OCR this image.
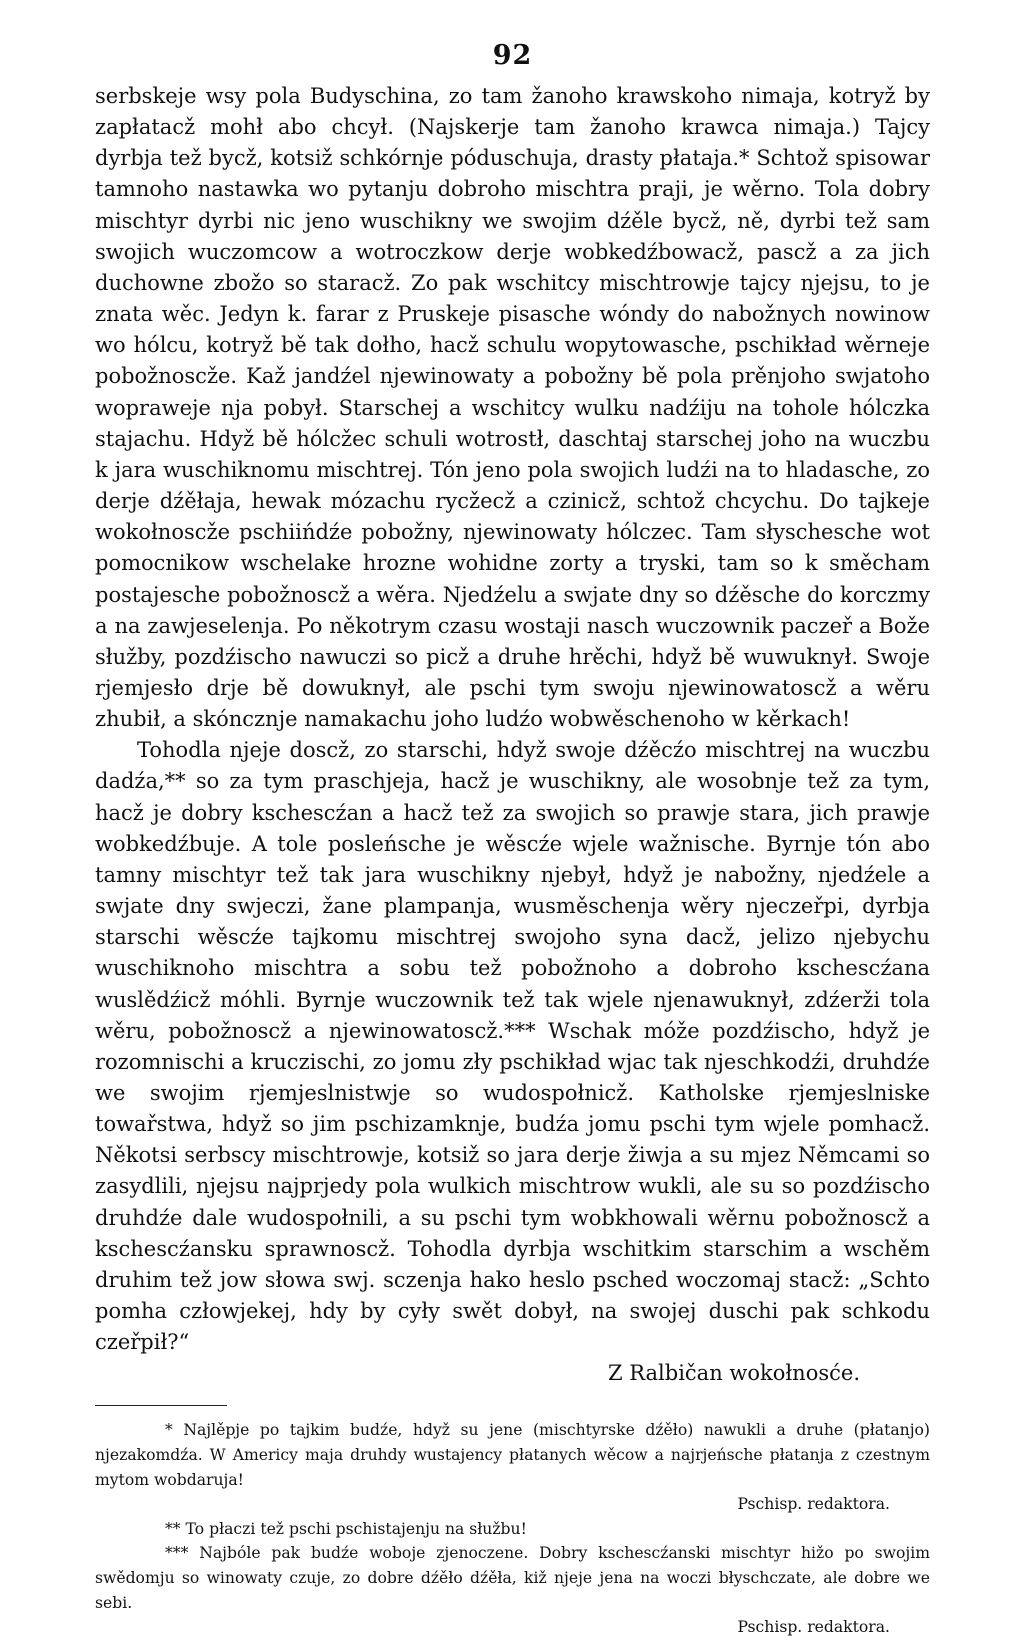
92

serbskeje wsy pola Budyschina, zo tam žanoho krawskoho nimaja, kotryž by zapłatacž mohł abo chcył. (Najskerje tam žanoho krawca nimaja.) Tajcy dyrbja tež bycž, kotsiž schkórnje pódusch​uja, drasty płataja.* Schtož spisowar tamnoho nastawka wo pytanju dobroho mischtra praji, je wěrno. Tola dobry mischtyr dyrbi nic jeno wuschikny we swojim dźěle bycž, ně, dyrbi tež sam swojich wuczomcow a wotroczkow derje wobkedźbowacž, pascž a za jich duchowne zbožo so staracž. Zo pak wschitcy mischtrowje tajcy njejsu, to je znata wěc. Jedyn k. farar z Pruskeje pisasche wóndy do nabožnych nowinow wo hólcu, kotryž bě tak dołho, hacž schulu wopytowasche, pschikład wěrneje pobožnoscže. Kaž jandźel njewinowaty a pobožny bě pola prěnjoho swjatoho wopraweje nja pobył. Starschej a wschitcy wulku nadźiju na toh​ole hólczka stajachu. Hdyž bě hólcžec schuli wotrostł, daschtaj starschej joho na wuczbu k jara wuschikno​mu mischtrej. Tón jeno pola swojich ludźi na to hladasche, zo derje dźěłaja, hewak mózachu rycžecž a czinicž, schtož chcychu. Do tajkeje wokołnoscže pschiińdźe pobožny, njewinowaty hólczec. Tam słyschesche wot pomocnikow wschelake hrozne wohidne zorty a tryski, tam so k směcham postajesche pobožnoscž a wěra. Njedźelu a swjate dny so dźěsche do korczmy a na zawjeselenja. Po někotrym czasu wostaji nasch wuczownik paczeř a Bože słužby, pozdźischo nawuczi so picž a druhe hrěchi, hdyž bě wuwuknył. Swoje rjemjesło drje bě dowuknył, ale pschi tym swoju njewinowatoscž a wěru zhubił, a skónczn​je namakachu joho ludźo wobwěsche​noho w kěrkach!

Tohodla njeje doscž, zo starschi, hdyž swoje dźěcźo mischtrej na wuczbu dadźa,** so za tym praschjeja, hacž je wuschikny, ale wosobnje tež za tym, hacž je dobry kschescźan a hacž tež za swojich so prawje stara, jich prawje wobkedźbuje. A tole posleńsche je wěscźe wjele wažnische. Byrnje tón abo tamny mischtyr tež tak jara wuschikny njebył, hdyž je nabožny, njedźele a swjate dny swjeczi, žane plampanja, wusměschenja wěry njeczeřpi, dyrbja starschi wěscźe tajkomu mischtrej swojoho syna dacž, jelizo njebychu wuschikno​ho mischtra a sobu tež pobožnoho a dobroho kschescźana wuslědźicž móhli. Byrnje wuczownik tež tak wjele njenawuknył, zdźerži tola wěru, pobožnoscž a njewinowatoscž.*** Wschak móže pozdźischo, hdyž je rozomnischi a kruczischi, zo jomu zły pschikład wjac tak njeschkodźi, druhdźe we swojim rjemjeslnistwje so wudospołnicž. Katholske rjemjeslniske towařstwa, hdyž so jim pschizamknje, budźa jomu pschi tym wjele pomhacž. Někotsi serbscy mischtrowje, kotsiž so jara derje žiwja a su mjez Němcami so zasydlili, njejsu najprjedy pola wulkich mischtrow wukli, ale su so pozdźischo druhdźe dale wudospołnili, a su pschi tym wobkhowali wěrnu pobožnoscž a kschescźansku sprawnoscž. Tohodla dyrbja wschitkim starschim a wschěm druhim tež jow słowa swj. sczenja hako heslo psched woczomaj stacž: „Schto pomha człowjekej, hdy by cyły swět dobył, na swojej duschi pak schkodu czeřpił?“

Z Ralbičan wokołnosće.

* Najlěpje po tajkim budźe, hdyž su jene (mischtyrske dźěło) nawukli a druhe (płatanjo) njezakomdźa. W Americy maja druhdy wustajency płatanych wěcow a najrjeńsche płatanja z czestnym mytom wobdaruja!
Pschisp. redaktora.

** To płaczi tež pschi pschistajenju na słužbu!

*** Najbóle pak budźe woboje zjenoczene. Dobry kschescźanski mischtyr hižo po swojim swědomju so winowaty czuje, zo dobre dźěło dźěła, kiž njeje jenа na woczi błyschczate, ale dobre we sebi.
Pschisp. redaktora.
